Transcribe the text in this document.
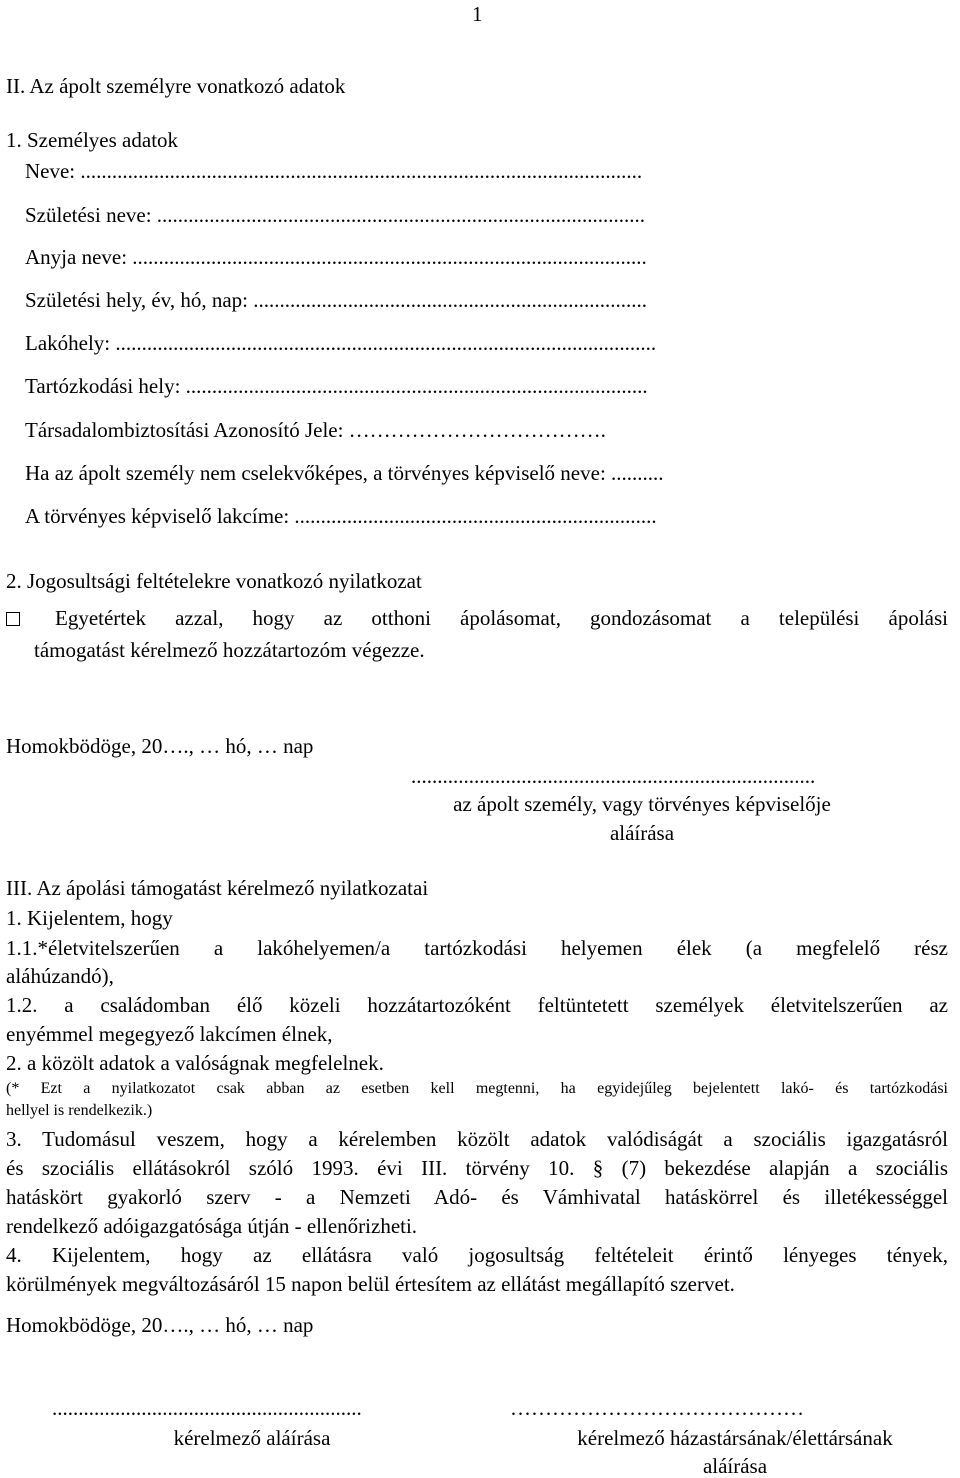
1
II. Az ápolt személyre vonatkozó adatok
1. Személyes adatok
Neve: ...........................................................................................................
Születési neve: .............................................................................................
Anyja neve: ..................................................................................................
Születési hely, év, hó, nap: ...........................................................................
Lakóhely: .......................................................................................................
Tartózkodási hely: ........................................................................................
Társadalombiztosítási Azonosító Jele: ……………………………….
Ha az ápolt személy nem cselekvőképes, a törvényes képviselő neve: ..........
A törvényes képviselő lakcíme: .....................................................................
2. Jogosultsági feltételekre vonatkozó nyilatkozat
Egyetértek azzal, hogy az otthoni ápolásomat, gondozásomat a települési ápolási
támogatást kérelmező hozzátartozóm végezze.
Homokbödöge, 20…., … hó, … nap
.............................................................................
az ápolt személy, vagy törvényes képviselője
aláírása
III. Az ápolási támogatást kérelmező nyilatkozatai
1. Kijelentem, hogy
1.1.*életvitelszerűen a lakóhelyemen/a tartózkodási helyemen élek (a megfelelő rész
aláhúzandó),
1.2. a családomban élő közeli hozzátartozóként feltüntetett személyek életvitelszerűen az
enyémmel megegyező lakcímen élnek,
2. a közölt adatok a valóságnak megfelelnek.
(* Ezt a nyilatkozatot csak abban az esetben kell megtenni, ha egyidejűleg bejelentett lakó- és tartózkodási
hellyel is rendelkezik.)
3. Tudomásul veszem, hogy a kérelemben közölt adatok valódiságát a szociális igazgatásról
és szociális ellátásokról szóló 1993. évi III. törvény 10. § (7) bekezdése alapján a szociális
hatáskört gyakorló szerv - a Nemzeti Adó- és Vámhivatal hatáskörrel és illetékességgel
rendelkező adóigazgatósága útján - ellenőrizheti.
4. Kijelentem, hogy az ellátásra való jogosultság feltételeit érintő lényeges tények,
körülmények megváltozásáról 15 napon belül értesítem az ellátást megállapító szervet.
Homokbödöge, 20…., … hó, … nap
...........................................................
kérelmező aláírása
……………………………………
kérelmező házastársának/élettársának
aláírása
